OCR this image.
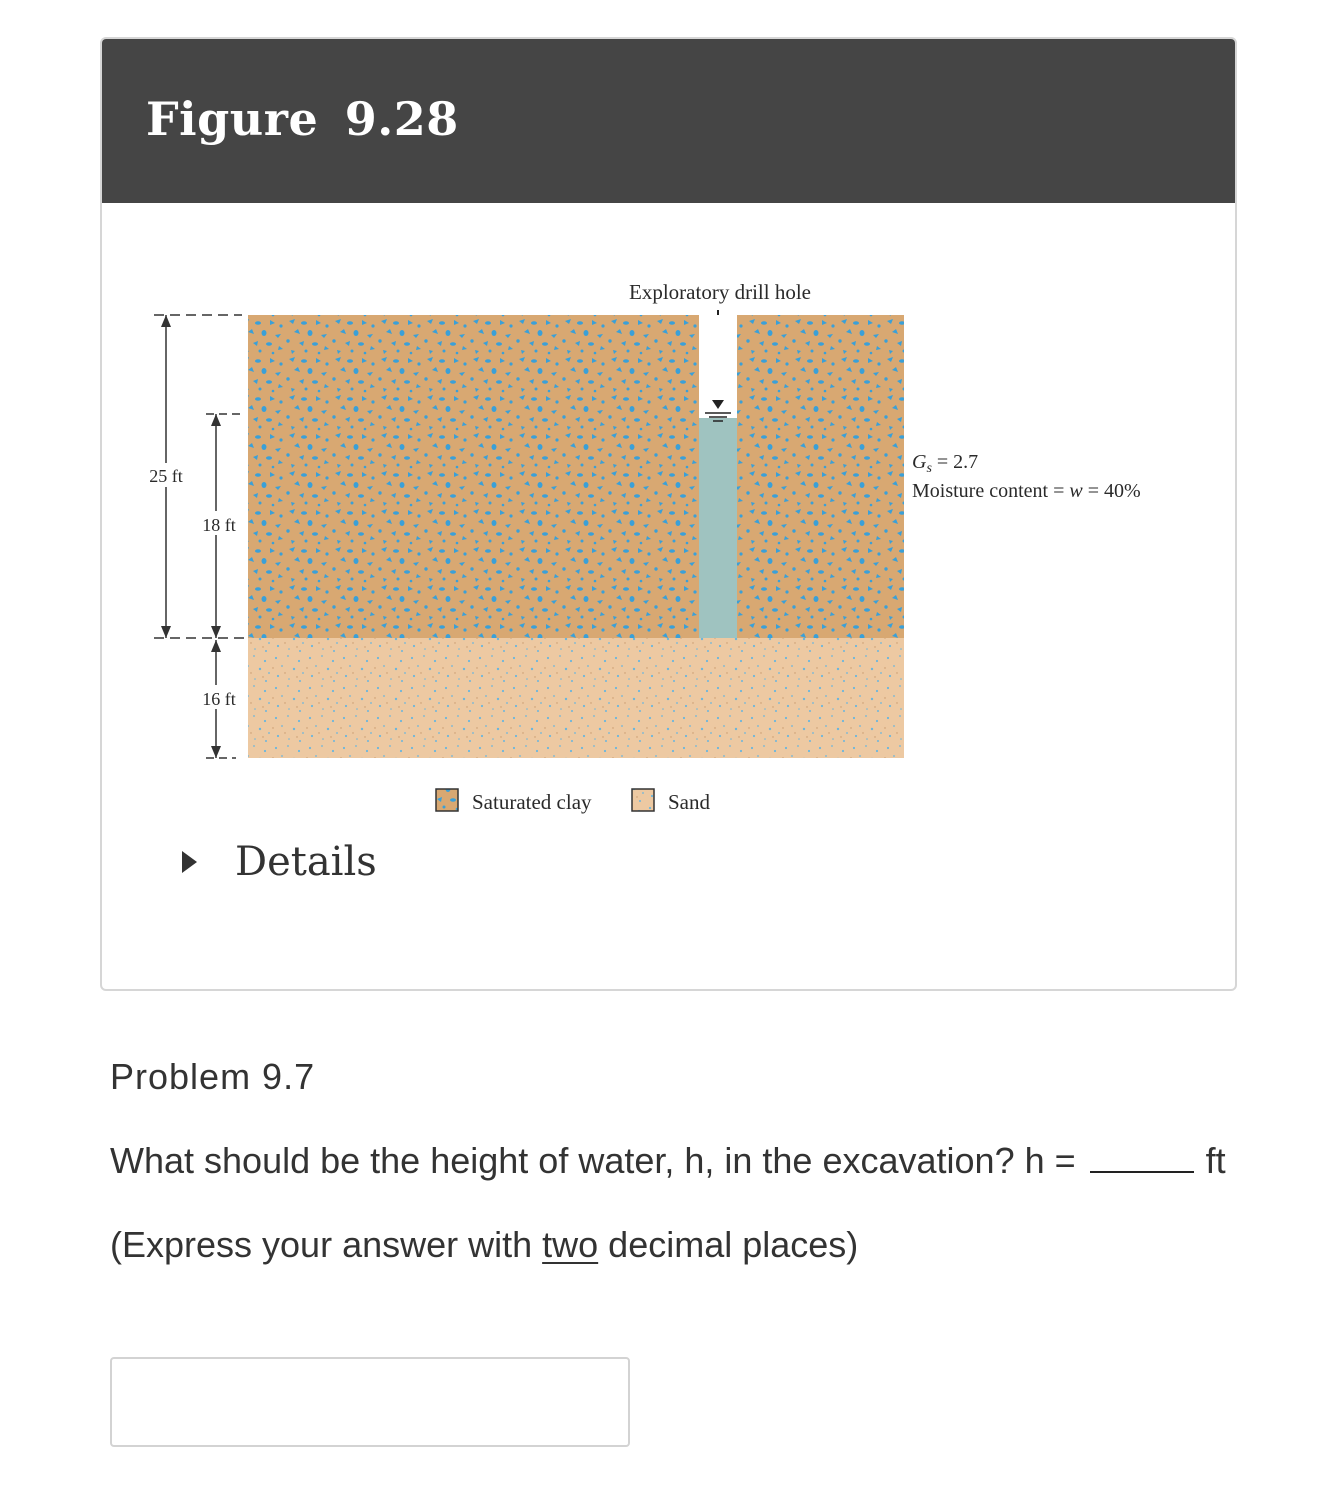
Figure 9.28
Exploratory drill hole
25 ft
18 ft
16 ft
$G_s = 2.7$
Moisture content = w = 40%
Saturated clay	Sand
Details
Problem 9.7
What should be the height of water, h, in the excavation? h =	ft
(Express your answer with two decimal places)
